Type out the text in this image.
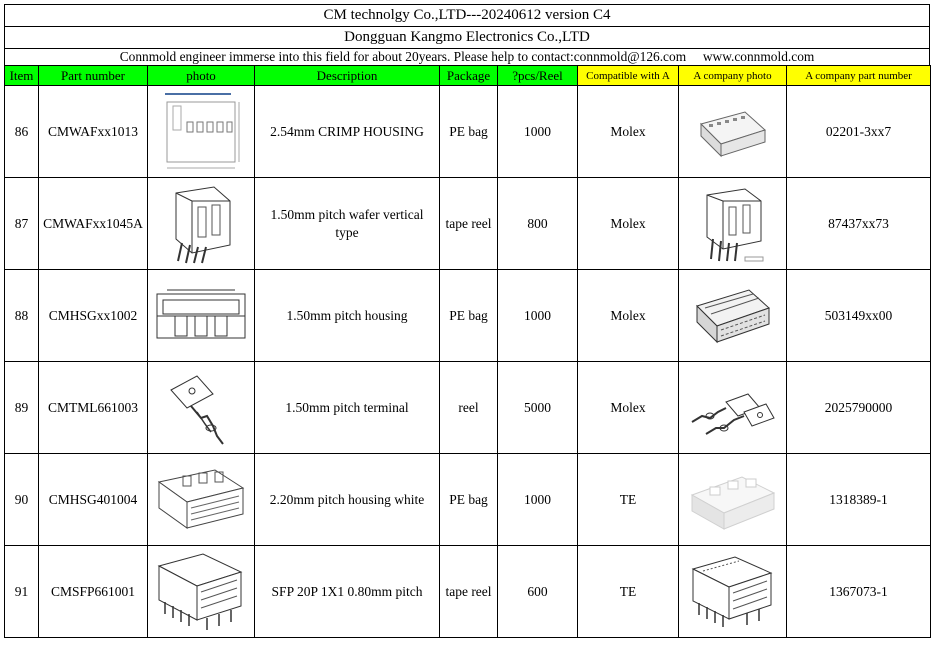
CM technolgy Co.,LTD---20240612 version C4
Dongguan Kangmo Electronics Co.,LTD
Connmold engineer immerse into this field for about 20years. Please help to contact:connmold@126.com     www.connmold.com
Item	Part number	photo	Description	Package	?pcs/Reel	Compatible with A	A company photo	A company part number
86	CMWAFxx1013		2.54mm CRIMP HOUSING	PE bag	1000	Molex		02201-3xx7
87	CMWAFxx1045A		1.50mm pitch wafer vertical type	tape reel	800	Molex		87437xx73
88	CMHSGxx1002		1.50mm pitch housing	PE bag	1000	Molex		503149xx00
89	CMTML661003		1.50mm pitch terminal	reel	5000	Molex		2025790000
90	CMHSG401004		2.20mm pitch housing white	PE bag	1000	TE		1318389-1
91	CMSFP661001		SFP 20P 1X1 0.80mm pitch	tape reel	600	TE		1367073-1
